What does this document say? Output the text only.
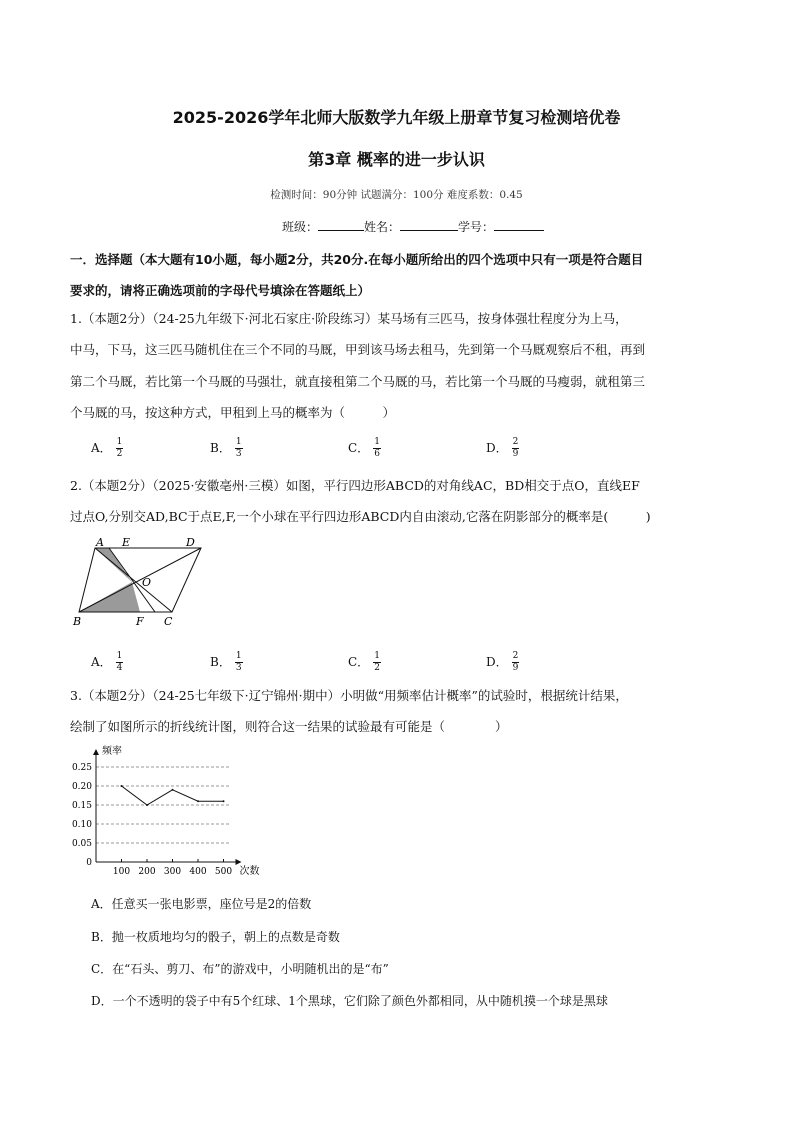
2025-2026学年北师大版数学九年级上册章节复习检测培优卷
第3章 概率的进一步认识
检测时间：90分钟 试题满分：100分 难度系数：0.45
班级：	姓名：	学号：
一．选择题（本大题有10小题，每小题2分，共20分.在每小题所给出的四个选项中只有一项是符合题目
要求的，请将正确选项前的字母代号填涂在答题纸上）
1.（本题2分）（24-25九年级下·河北石家庄·阶段练习）某马场有三匹马，按身体强壮程度分为上马，
中马，下马，这三匹马随机住在三个不同的马厩，甲到该马场去租马，先到第一个马厩观察后不租，再到
第二个马厩，若比第一个马厩的马强壮，就直接租第二个马厩的马，若比第一个马厩的马瘦弱，就租第三
个马厩的马，按这种方式，甲租到上马的概率为（　　　）
A． $\frac{1}{2}$	B． $\frac{1}{3}$	C． $\frac{1}{6}$	D． $\frac{2}{9}$
2.（本题2分）（2025·安徽亳州·三模）如图，平行四边形ABCD的对角线AC，BD相交于点O，直线EF
过点O,分别交AD,BC于点E,F,一个小球在平行四边形ABCD内自由滚动,它落在阴影部分的概率是(　　　)
A E	D
O
B	F C
A． $\frac{1}{4}$	B． $\frac{1}{3}$	C． $\frac{1}{2}$	D． $\frac{2}{9}$
3.（本题2分）（24-25七年级下·辽宁锦州·期中）小明做“用频率估计概率”的试验时，根据统计结果，
绘制了如图所示的折线统计图，则符合这一结果的试验最有可能是（　　　　）
0
0.05
0.10
0.15
0.20
0.25
100 200 300 400 500
频率
次数
A．任意买一张电影票，座位号是2的倍数
B．抛一枚质地均匀的骰子，朝上的点数是奇数
C．在“石头、剪刀、布”的游戏中，小明随机出的是“布”
D．一个不透明的袋子中有5个红球、1个黑球，它们除了颜色外都相同，从中随机摸一个球是黑球
